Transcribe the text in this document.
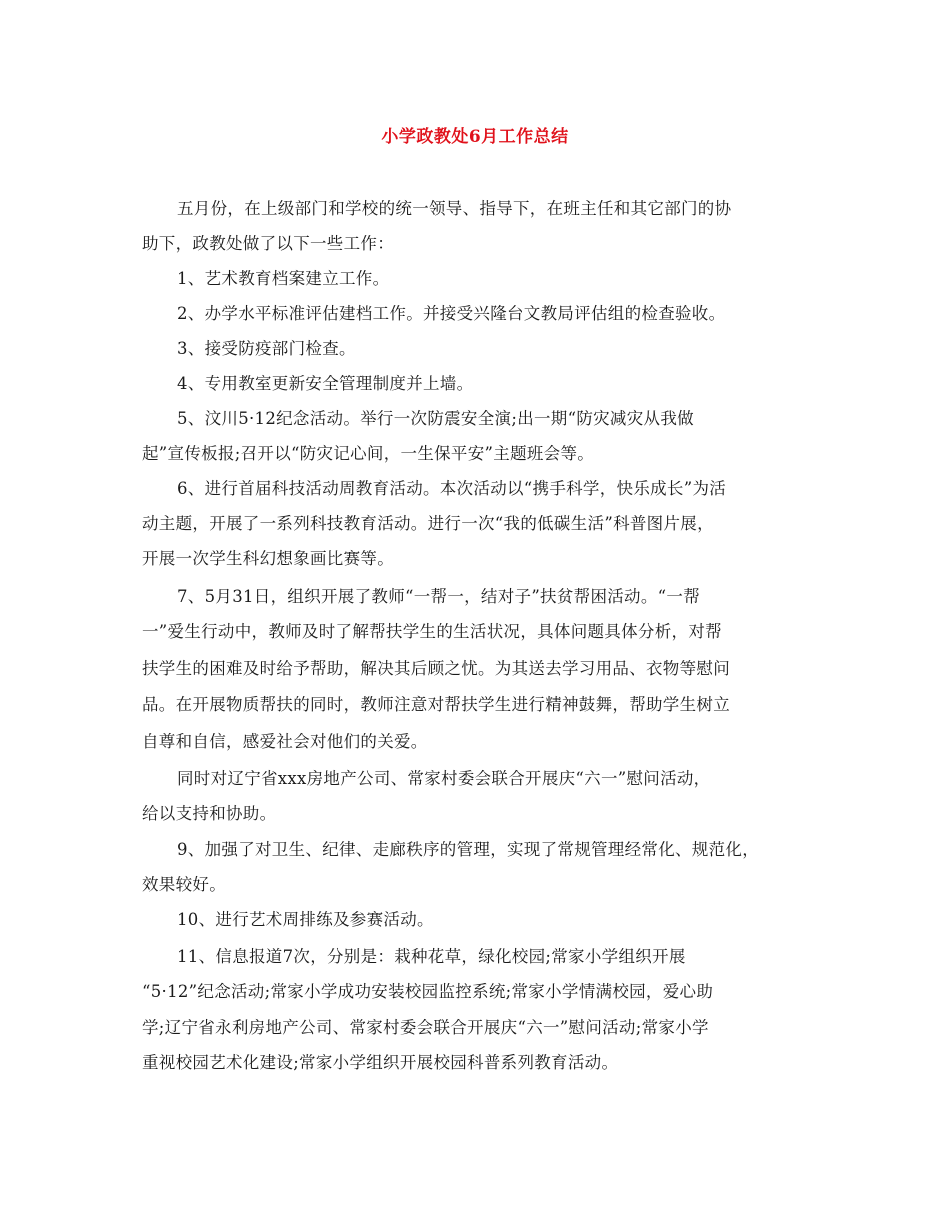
小学政教处6月工作总结

五月份，在上级部门和学校的统一领导、指导下，在班主任和其它部门的协

助下，政教处做了以下一些工作：

1、艺术教育档案建立工作。

2、办学水平标准评估建档工作。并接受兴隆台文教局评估组的检查验收。

3、接受防疫部门检查。

4、专用教室更新安全管理制度并上墙。

5、汶川5·12纪念活动。举行一次防震安全演;出一期“防灾减灾从我做

起”宣传板报;召开以“防灾记心间，一生保平安”主题班会等。

6、进行首届科技活动周教育活动。本次活动以“携手科学，快乐成长”为活

动主题，开展了一系列科技教育活动。进行一次“我的低碳生活”科普图片展，

开展一次学生科幻想象画比赛等。

7、5月31日，组织开展了教师“一帮一，结对子”扶贫帮困活动。“一帮

一”爱生行动中，教师及时了解帮扶学生的生活状况，具体问题具体分析，对帮

扶学生的困难及时给予帮助，解决其后顾之忧。为其送去学习用品、衣物等慰问

品。在开展物质帮扶的同时，教师注意对帮扶学生进行精神鼓舞，帮助学生树立

自尊和自信，感爱社会对他们的关爱。

同时对辽宁省xxx房地产公司、常家村委会联合开展庆“六一”慰问活动，

给以支持和协助。

9、加强了对卫生、纪律、走廊秩序的管理，实现了常规管理经常化、规范化，

效果较好。

10、进行艺术周排练及参赛活动。

11、信息报道7次，分别是：栽种花草，绿化校园;常家小学组织开展

“5·12”纪念活动;常家小学成功安装校园监控系统;常家小学情满校园，爱心助

学;辽宁省永利房地产公司、常家村委会联合开展庆“六一”慰问活动;常家小学

重视校园艺术化建设;常家小学组织开展校园科普系列教育活动。
